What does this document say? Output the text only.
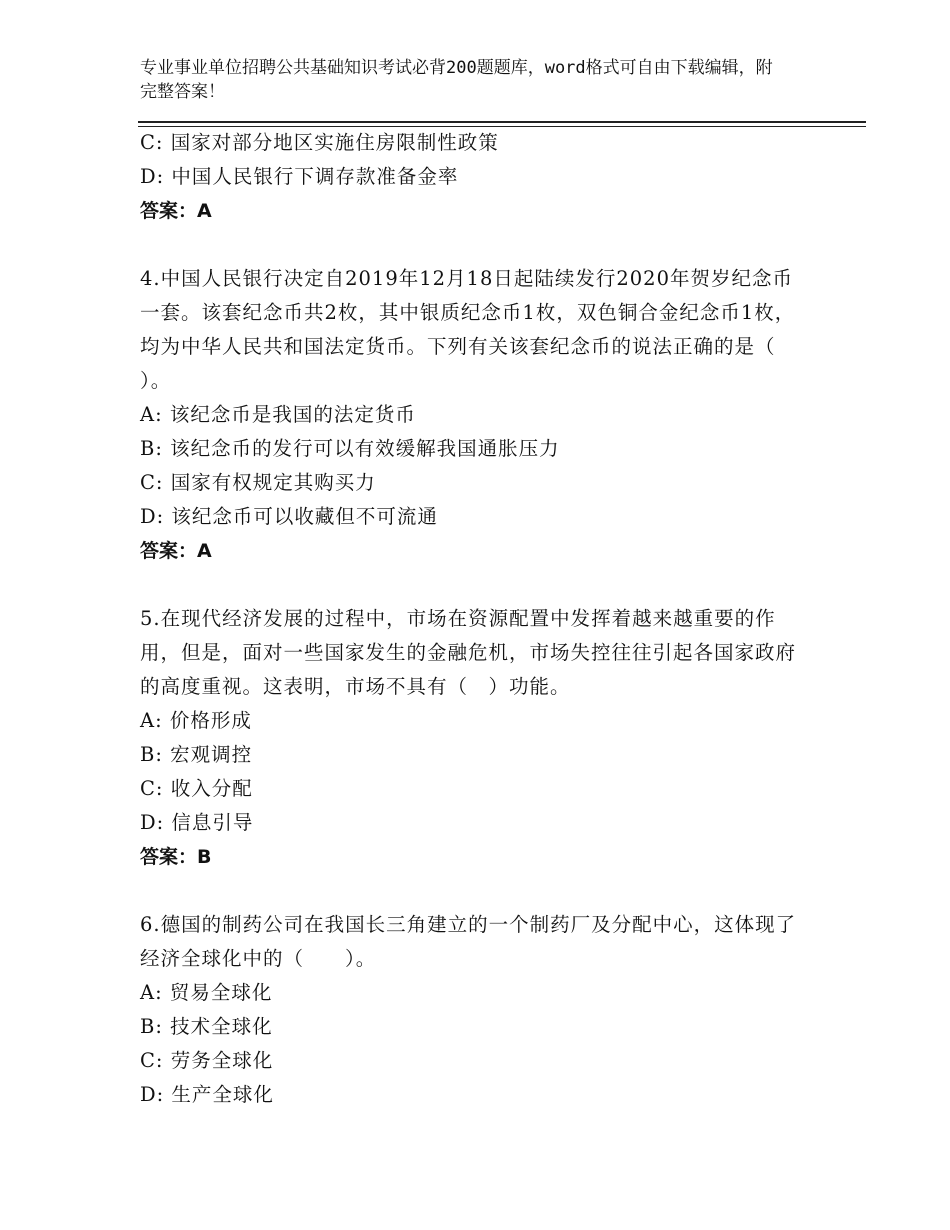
专业事业单位招聘公共基础知识考试必背200题题库，word格式可自由下载编辑，附完整答案！
C: 国家对部分地区实施住房限制性政策
D: 中国人民银行下调存款准备金率
答案：A
4.中国人民银行决定自2019年12月18日起陆续发行2020年贺岁纪念币一套。该套纪念币共2枚，其中银质纪念币1枚，双色铜合金纪念币1枚，均为中华人民共和国法定货币。下列有关该套纪念币的说法正确的是（　　）。
A: 该纪念币是我国的法定货币
B: 该纪念币的发行可以有效缓解我国通胀压力
C: 国家有权规定其购买力
D: 该纪念币可以收藏但不可流通
答案：A
5.在现代经济发展的过程中，市场在资源配置中发挥着越来越重要的作用，但是，面对一些国家发生的金融危机，市场失控往往引起各国家政府的高度重视。这表明，市场不具有（　）功能。
A: 价格形成
B: 宏观调控
C: 收入分配
D: 信息引导
答案：B
6.德国的制药公司在我国长三角建立的一个制药厂及分配中心，这体现了经济全球化中的（　　）。
A: 贸易全球化
B: 技术全球化
C: 劳务全球化
D: 生产全球化
